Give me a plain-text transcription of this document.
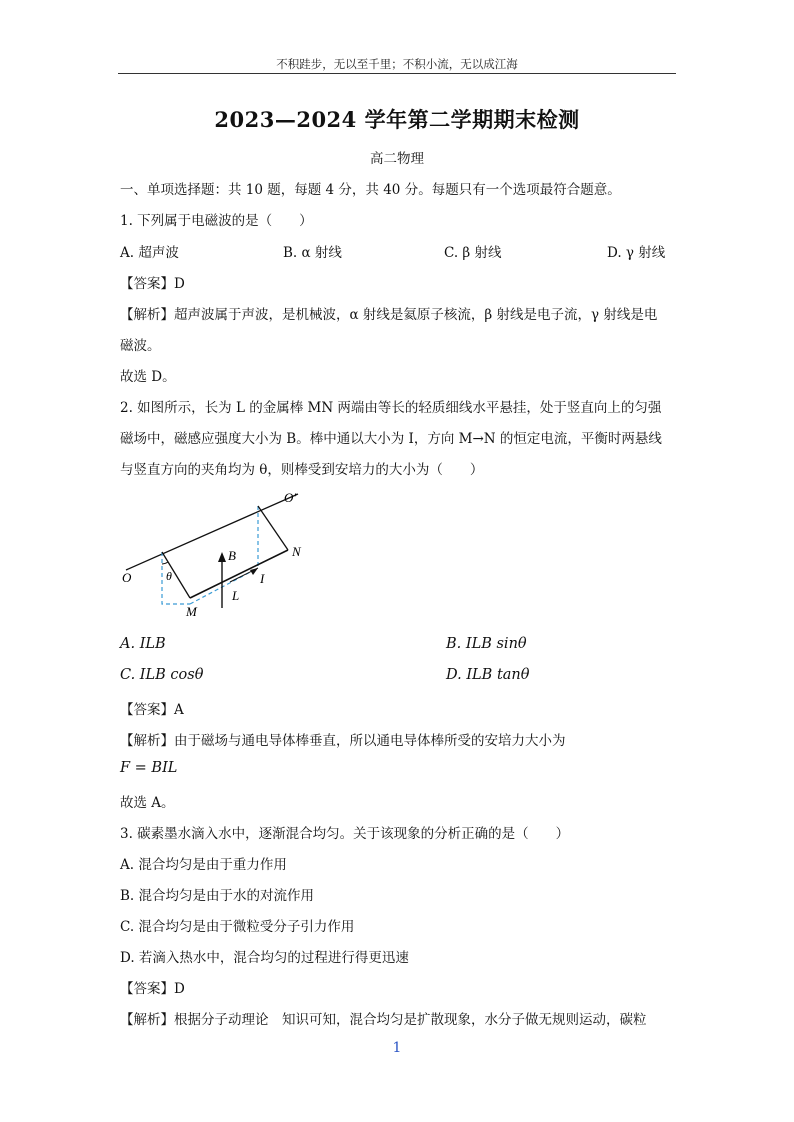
不积跬步，无以至千里；不积小流，无以成江海
2023—2024 学年第二学期期末检测
高二物理
一、单项选择题：共 10 题，每题 4 分，共 40 分。每题只有一个选项最符合题意。
1. 下列属于电磁波的是（　　）
A. 超声波	B. α 射线	C. β 射线	D. γ 射线
【答案】D
【解析】超声波属于声波，是机械波，α 射线是氦原子核流，β 射线是电子流，γ 射线是电
磁波。
故选 D。
2. 如图所示，长为 L 的金属棒 MN 两端由等长的轻质细线水平悬挂，处于竖直向上的匀强
磁场中，磁感应强度大小为 B。棒中通以大小为 I，方向 M→N 的恒定电流，平衡时两悬线
与竖直方向的夹角均为 θ，则棒受到安培力的大小为（　　）
O
O′
N
M
B
I
L
θ
A. ILB	B. ILB sinθ
C. ILB cosθ	D. ILB tanθ
【答案】A
【解析】由于磁场与通电导体棒垂直，所以通电导体棒所受的安培力大小为
F = BIL
故选 A。
3. 碳素墨水滴入水中，逐渐混合均匀。关于该现象的分析正确的是（　　）
A. 混合均匀是由于重力作用
B. 混合均匀是由于水的对流作用
C. 混合均匀是由于微粒受分子引力作用
D. 若滴入热水中，混合均匀的过程进行得更迅速
【答案】D
【解析】根据分子动理论　知识可知，混合均匀是扩散现象，水分子做无规则运动，碳粒
1
